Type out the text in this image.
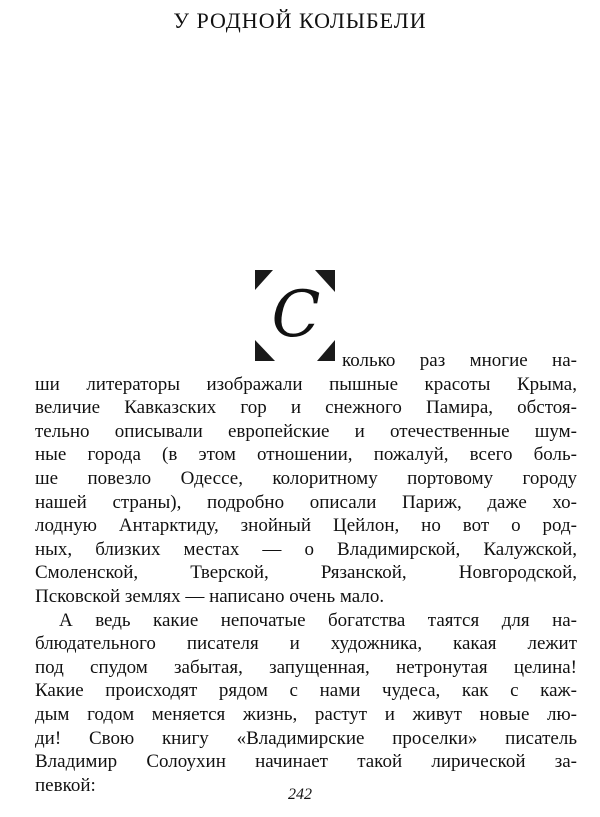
У РОДНОЙ КОЛЫБЕЛИ
С
колько раз многие на-
ши литераторы изображали пышные красоты Крыма,
величие Кавказских гор и снежного Памира, обстоя-
тельно описывали европейские и отечественные шум-
ные города (в этом отношении, пожалуй, всего боль-
ше повезло Одессе, колоритному портовому городу
нашей страны), подробно описали Париж, даже хо-
лодную Антарктиду, знойный Цейлон, но вот о род-
ных, близких местах — о Владимирской, Калужской,
Смоленской, Тверской, Рязанской, Новгородской,
Псковской землях — написано очень мало.
А ведь какие непочатые богатства таятся для на-
блюдательного писателя и художника, какая лежит
под спудом забытая, запущенная, нетронутая целина!
Какие происходят рядом с нами чудеса, как с каж-
дым годом меняется жизнь, растут и живут новые лю-
ди! Свою книгу «Владимирские проселки» писатель
Владимир Солоухин начинает такой лирической за-
певкой:	242
